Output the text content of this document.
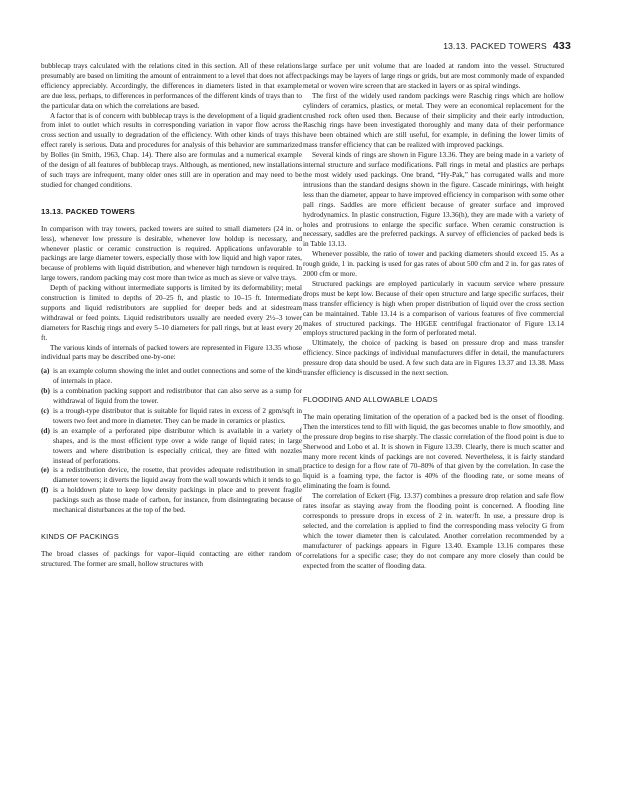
13.13. PACKED TOWERS 433

bubblecap trays calculated with the relations cited in this section. All of these relations presumably are based on limiting the amount of entrainment to a level that does not affect efficiency appreciably. Accordingly, the differences in diameters listed in that example are due less, perhaps, to differences in performances of the different kinds of trays than to the particular data on which the correlations are based.

A factor that is of concern with bubblecap trays is the development of a liquid gradient from inlet to outlet which results in corresponding variation in vapor flow across the cross section and usually to degradation of the efficiency. With other kinds of trays this effect rarely is serious. Data and procedures for analysis of this behavior are summarized by Bolles (in Smith, 1963, Chap. 14). There also are formulas and a numerical example of the design of all features of bubblecap trays. Although, as mentioned, new installations of such trays are infrequent, many older ones still are in operation and may need to be studied for changed conditions.

13.13. PACKED TOWERS

In comparison with tray towers, packed towers are suited to small diameters (24 in. or less), whenever low pressure is desirable, whenever low holdup is necessary, and whenever plastic or ceramic construction is required. Applications unfavorable to packings are large diameter towers, especially those with low liquid and high vapor rates, because of problems with liquid distribution, and whenever high turndown is required. In large towers, random packing may cost more than twice as much as sieve or valve trays.

Depth of packing without intermediate supports is limited by its deformability; metal construction is limited to depths of 20–25 ft, and plastic to 10–15 ft. Intermediate supports and liquid redistributors are supplied for deeper beds and at sidestream withdrawal or feed points. Liquid redistributors usually are needed every 2½–3 tower diameters for Raschig rings and every 5–10 diameters for pall rings, but at least every 20 ft.

The various kinds of internals of packed towers are represented in Figure 13.35 whose individual parts may be described one-by-one:

(a) is an example column showing the inlet and outlet connections and some of the kinds of internals in place.
(b) is a combination packing support and redistributor that can also serve as a sump for withdrawal of liquid from the tower.
(c) is a trough-type distributor that is suitable for liquid rates in excess of 2 gpm/sqft in towers two feet and more in diameter. They can be made in ceramics or plastics.
(d) is an example of a perforated pipe distributor which is available in a variety of shapes, and is the most efficient type over a wide range of liquid rates; in large towers and where distribution is especially critical, they are fitted with nozzles instead of perforations.
(e) is a redistribution device, the rosette, that provides adequate redistribution in small diameter towers; it diverts the liquid away from the wall towards which it tends to go.
(f) is a holddown plate to keep low density packings in place and to prevent fragile packings such as those made of carbon, for instance, from disintegrating because of mechanical disturbances at the top of the bed.
KINDS OF PACKINGS

The broad classes of packings for vapor–liquid contacting are either random or structured. The former are small, hollow structures with

large surface per unit volume that are loaded at random into the vessel. Structured packings may be layers of large rings or grids, but are most commonly made of expanded metal or woven wire screen that are stacked in layers or as spiral windings.

The first of the widely used random packings were Raschig rings which are hollow cylinders of ceramics, plastics, or metal. They were an economical replacement for the crushed rock often used then. Because of their simplicity and their early introduction, Raschig rings have been investigated thoroughly and many data of their performance have been obtained which are still useful, for example, in defining the lower limits of mass transfer efficiency that can be realized with improved packings.

Several kinds of rings are shown in Figure 13.36. They are being made in a variety of internal structure and surface modifications. Pall rings in metal and plastics are perhaps the most widely used packings. One brand, “Hy-Pak,” has corrugated walls and more intrusions than the standard designs shown in the figure. Cascade minirings, with height less than the diameter, appear to have improved efficiency in comparison with some other pall rings. Saddles are more efficient because of greater surface and improved hydrodynamics. In plastic construction, Figure 13.36(h), they are made with a variety of holes and protrusions to enlarge the specific surface. When ceramic construction is necessary, saddles are the preferred packings. A survey of efficiencies of packed beds is in Table 13.13.

Whenever possible, the ratio of tower and packing diameters should exceed 15. As a rough guide, 1 in. packing is used for gas rates of about 500 cfm and 2 in. for gas rates of 2000 cfm or more.

Structured packings are employed particularly in vacuum service where pressure drops must be kept low. Because of their open structure and large specific surfaces, their mass transfer efficiency is high when proper distribution of liquid over the cross section can be maintained. Table 13.14 is a comparison of various features of five commercial makes of structured packings. The HIGEE centrifugal fractionator of Figure 13.14 employs structured packing in the form of perforated metal.

Ultimately, the choice of packing is based on pressure drop and mass transfer efficiency. Since packings of individual manufacturers differ in detail, the manufacturers pressure drop data should be used. A few such data are in Figures 13.37 and 13.38. Mass transfer efficiency is discussed in the next section.

FLOODING AND ALLOWABLE LOADS

The main operating limitation of the operation of a packed bed is the onset of flooding. Then the interstices tend to fill with liquid, the gas becomes unable to flow smoothly, and the pressure drop begins to rise sharply. The classic correlation of the flood point is due to Sherwood and Lobo et al. It is shown in Figure 13.39. Clearly, there is much scatter and many more recent kinds of packings are not covered. Nevertheless, it is fairly standard practice to design for a flow rate of 70–80% of that given by the correlation. In case the liquid is a foaming type, the factor is 40% of the flooding rate, or some means of eliminating the foam is found.

The correlation of Eckert (Fig. 13.37) combines a pressure drop relation and safe flow rates insofar as staying away from the flooding point is concerned. A flooding line corresponds to pressure drops in excess of 2 in. water/ft. In use, a pressure drop is selected, and the correlation is applied to find the corresponding mass velocity G from which the tower diameter then is calculated. Another correlation recommended by a manufacturer of packings appears in Figure 13.40. Example 13.16 compares these correlations for a specific case; they do not compare any more closely than could be expected from the scatter of flooding data.
